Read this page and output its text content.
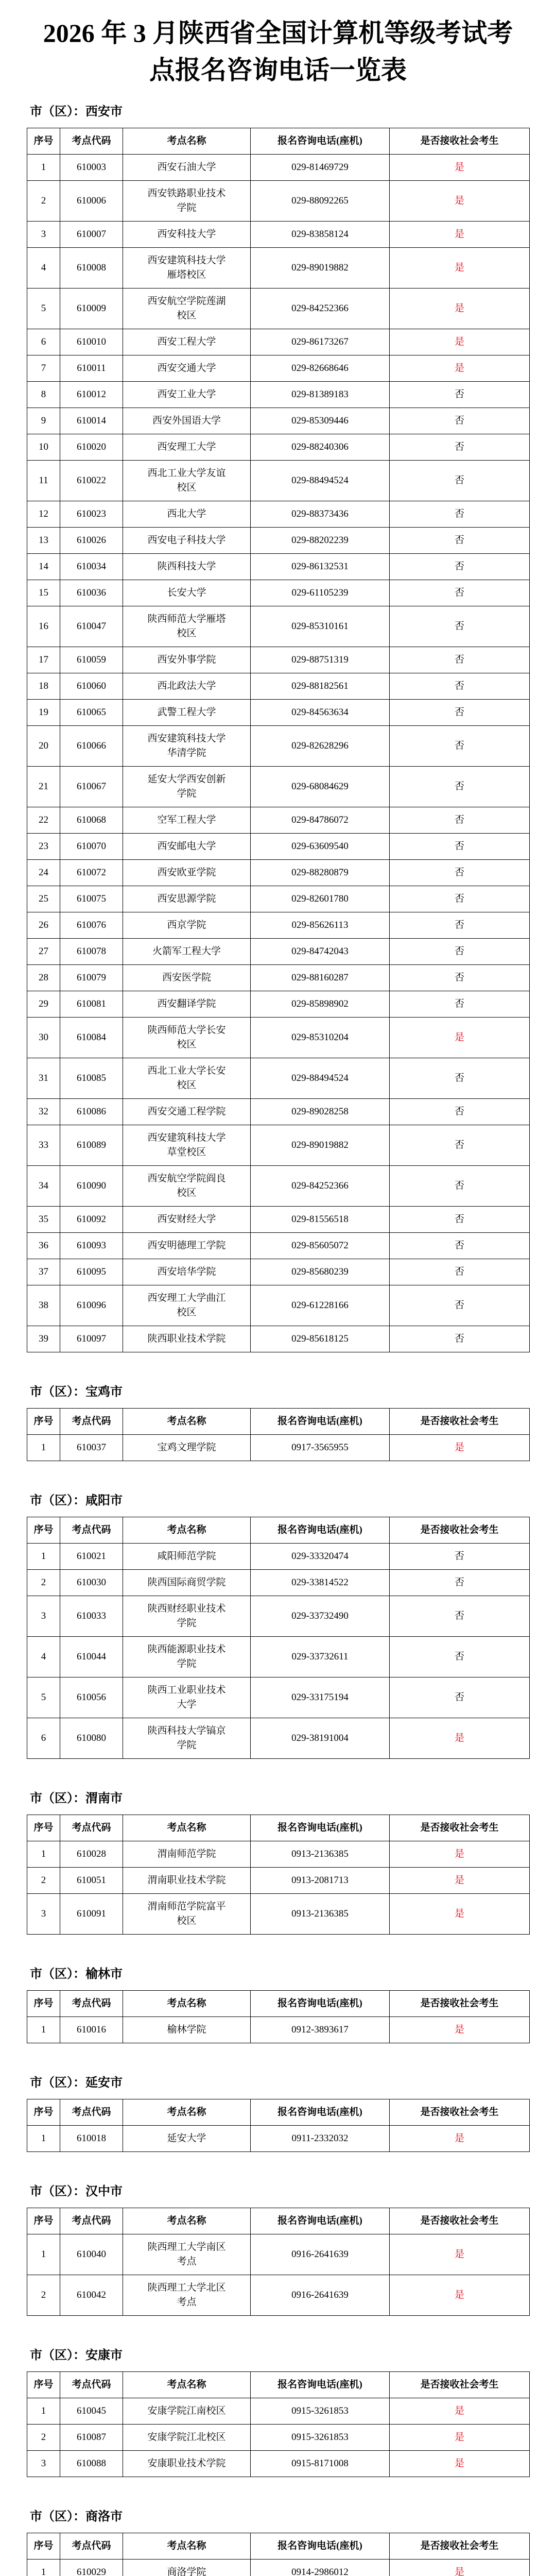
2026 年 3 月陕西省全国计算机等级考试考
点报名咨询电话一览表
市（区）：西安市
序号	考点代码	考点名称	报名咨询电话(座机)	是否接收社会考生
1	610003	西安石油大学	029-81469729	是
2	610006	西安铁路职业技术学院	029-88092265	是
3	610007	西安科技大学	029-83858124	是
4	610008	西安建筑科技大学雁塔校区	029-89019882	是
5	610009	西安航空学院莲湖校区	029-84252366	是
6	610010	西安工程大学	029-86173267	是
7	610011	西安交通大学	029-82668646	是
8	610012	西安工业大学	029-81389183	否
9	610014	西安外国语大学	029-85309446	否
10	610020	西安理工大学	029-88240306	否
11	610022	西北工业大学友谊校区	029-88494524	否
12	610023	西北大学	029-88373436	否
13	610026	西安电子科技大学	029-88202239	否
14	610034	陕西科技大学	029-86132531	否
15	610036	长安大学	029-61105239	否
16	610047	陕西师范大学雁塔校区	029-85310161	否
17	610059	西安外事学院	029-88751319	否
18	610060	西北政法大学	029-88182561	否
19	610065	武警工程大学	029-84563634	否
20	610066	西安建筑科技大学华清学院	029-82628296	否
21	610067	延安大学西安创新学院	029-68084629	否
22	610068	空军工程大学	029-84786072	否
23	610070	西安邮电大学	029-63609540	否
24	610072	西安欧亚学院	029-88280879	否
25	610075	西安思源学院	029-82601780	否
26	610076	西京学院	029-85626113	否
27	610078	火箭军工程大学	029-84742043	否
28	610079	西安医学院	029-88160287	否
29	610081	西安翻译学院	029-85898902	否
30	610084	陕西师范大学长安校区	029-85310204	是
31	610085	西北工业大学长安校区	029-88494524	否
32	610086	西安交通工程学院	029-89028258	否
33	610089	西安建筑科技大学草堂校区	029-89019882	否
34	610090	西安航空学院阎良校区	029-84252366	否
35	610092	西安财经大学	029-81556518	否
36	610093	西安明德理工学院	029-85605072	否
37	610095	西安培华学院	029-85680239	否
38	610096	西安理工大学曲江校区	029-61228166	否
39	610097	陕西职业技术学院	029-85618125	否
市（区）：宝鸡市
序号	考点代码	考点名称	报名咨询电话(座机)	是否接收社会考生
1	610037	宝鸡文理学院	0917-3565955	是
市（区）：咸阳市
序号	考点代码	考点名称	报名咨询电话(座机)	是否接收社会考生
1	610021	咸阳师范学院	029-33320474	否
2	610030	陕西国际商贸学院	029-33814522	否
3	610033	陕西财经职业技术学院	029-33732490	否
4	610044	陕西能源职业技术学院	029-33732611	否
5	610056	陕西工业职业技术大学	029-33175194	否
6	610080	陕西科技大学镐京学院	029-38191004	是
市（区）：渭南市
序号	考点代码	考点名称	报名咨询电话(座机)	是否接收社会考生
1	610028	渭南师范学院	0913-2136385	是
2	610051	渭南职业技术学院	0913-2081713	是
3	610091	渭南师范学院富平校区	0913-2136385	是
市（区）：榆林市
序号	考点代码	考点名称	报名咨询电话(座机)	是否接收社会考生
1	610016	榆林学院	0912-3893617	是
市（区）：延安市
序号	考点代码	考点名称	报名咨询电话(座机)	是否接收社会考生
1	610018	延安大学	0911-2332032	是
市（区）：汉中市
序号	考点代码	考点名称	报名咨询电话(座机)	是否接收社会考生
1	610040	陕西理工大学南区考点	0916-2641639	是
2	610042	陕西理工大学北区考点	0916-2641639	是
市（区）：安康市
序号	考点代码	考点名称	报名咨询电话(座机)	是否接收社会考生
1	610045	安康学院江南校区	0915-3261853	是
2	610087	安康学院江北校区	0915-3261853	是
3	610088	安康职业技术学院	0915-8171008	是
市（区）：商洛市
序号	考点代码	考点名称	报名咨询电话(座机)	是否接收社会考生
1	610029	商洛学院	0914-2986012	是
